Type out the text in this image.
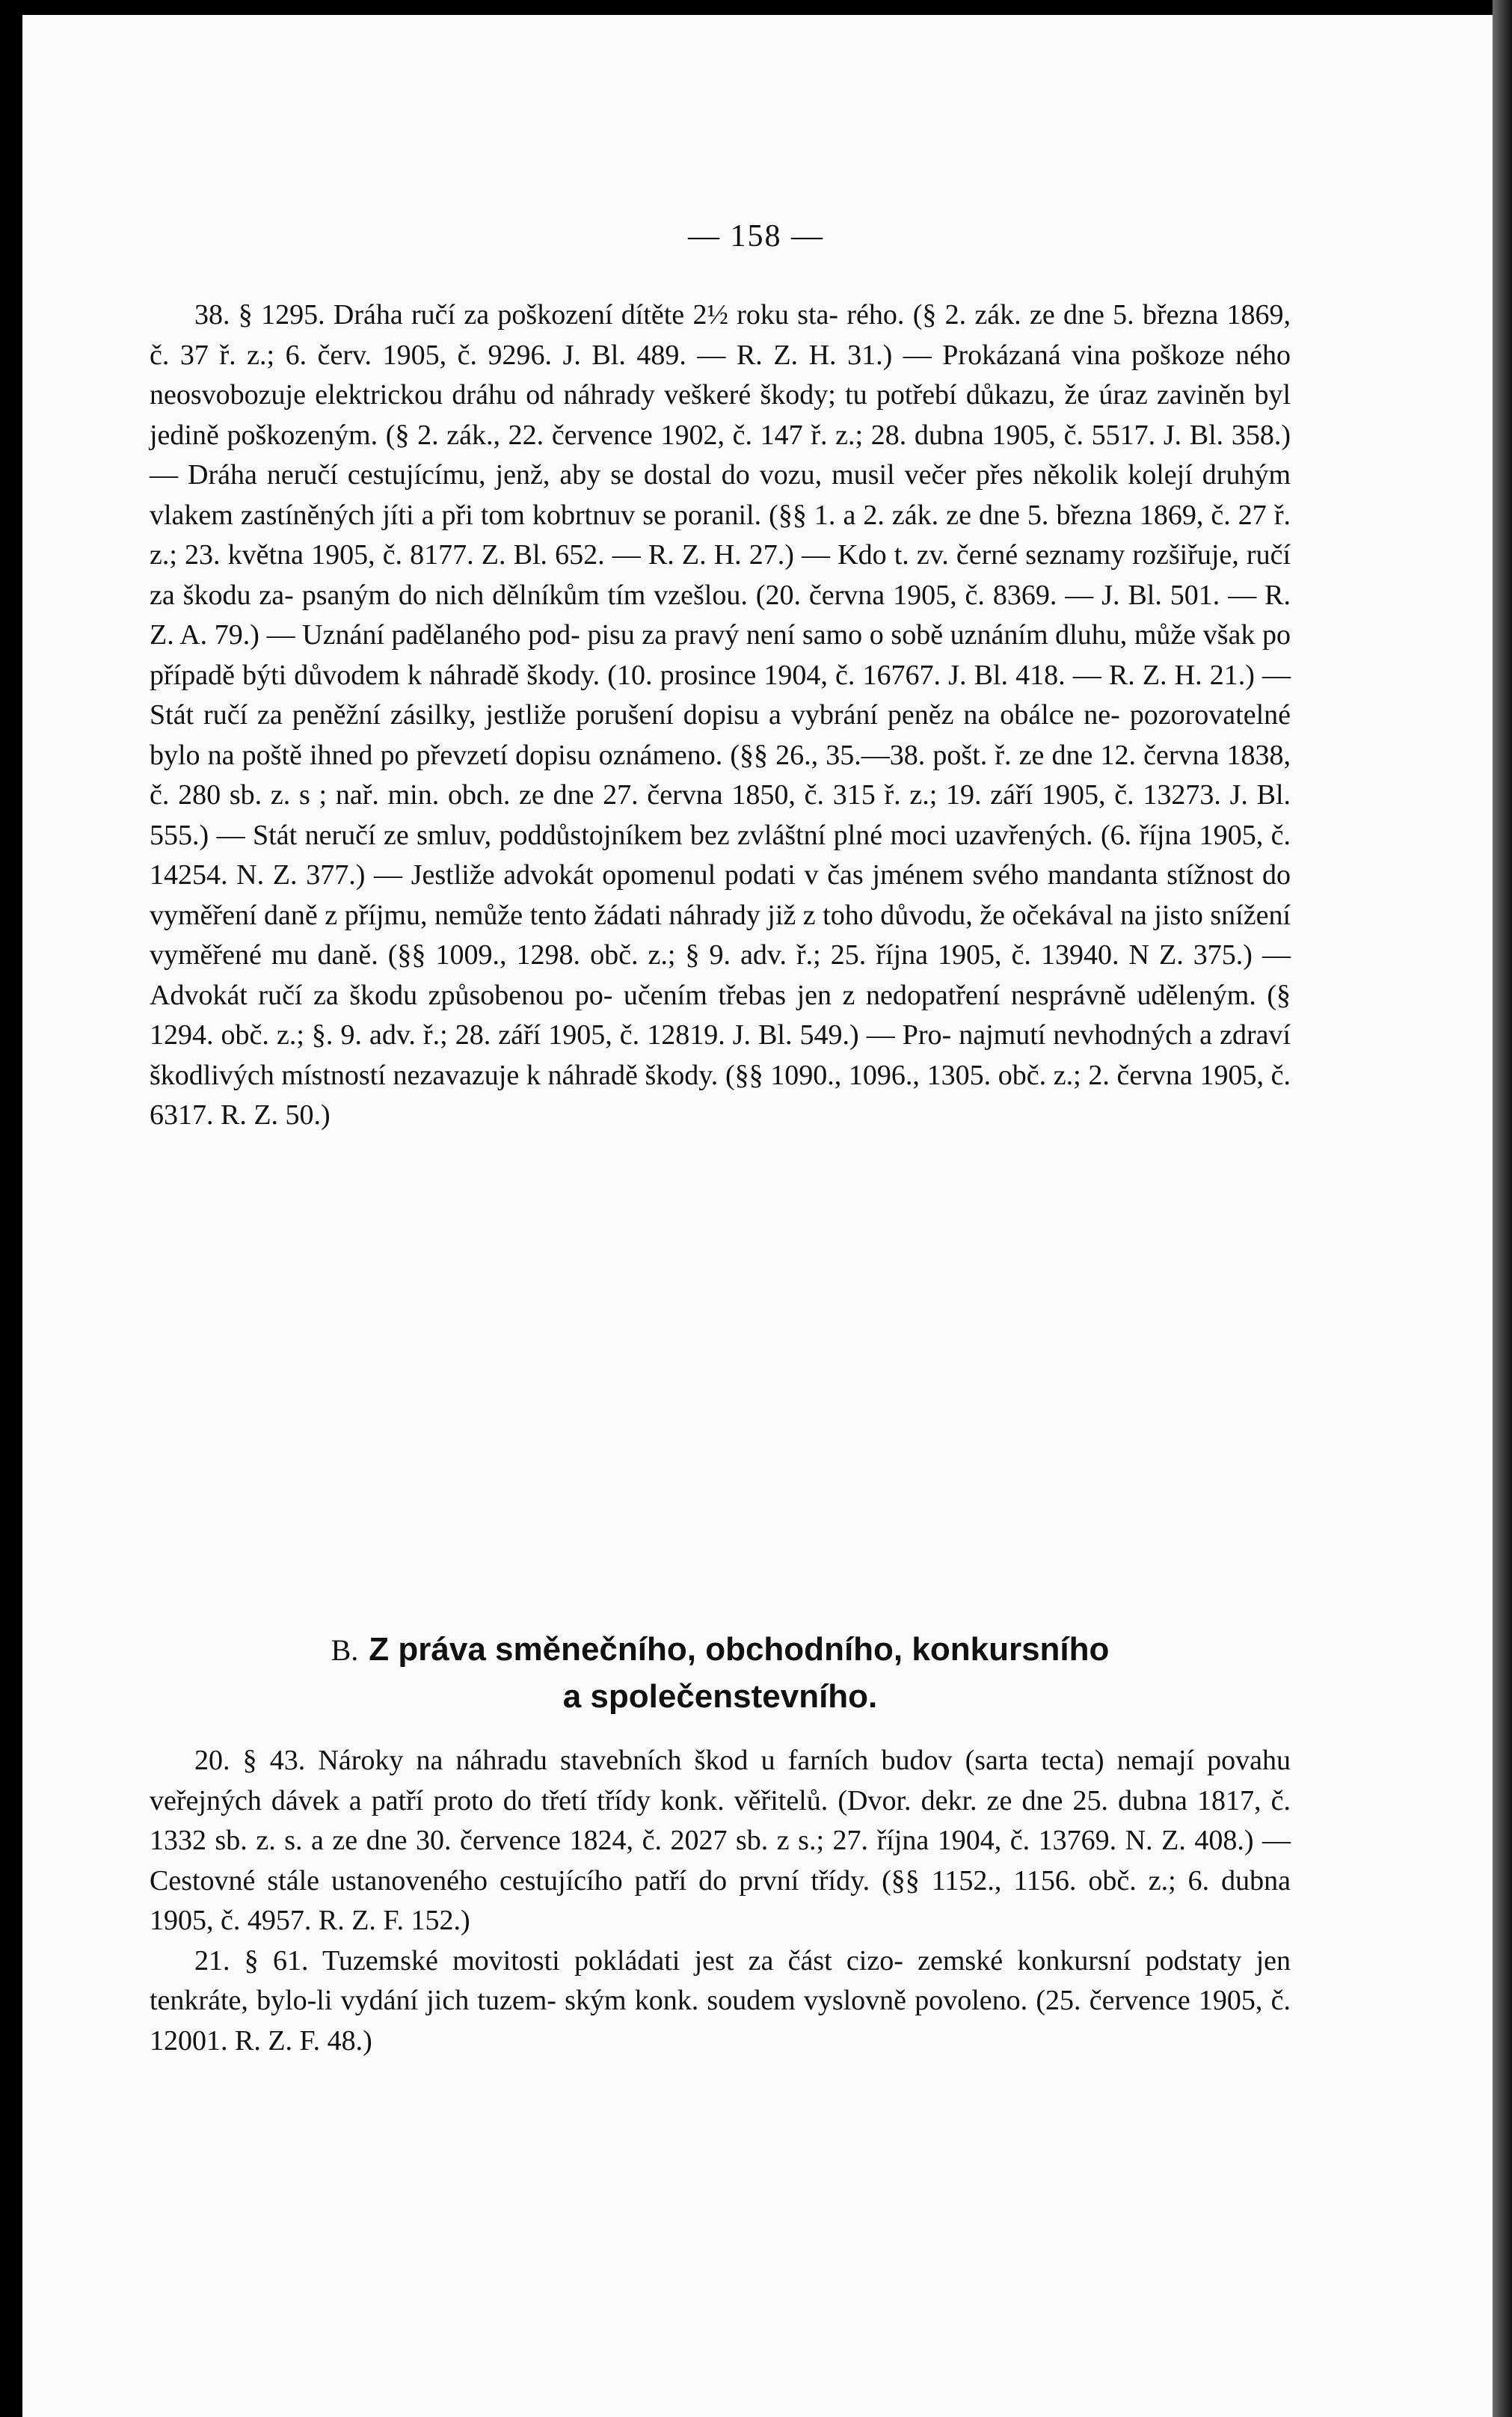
— 158 —

38. § 1295. Dráha ručí za poškození dítěte 2½ roku sta- rého. (§ 2. zák. ze dne 5. března 1869, č. 37 ř. z.; 6. červ. 1905, č. 9296. J. Bl. 489. — R. Z. H. 31.) — Prokázaná vina poškoze ného neosvobozuje elektrickou dráhu od náhrady veškeré škody; tu potřebí důkazu, že úraz zaviněn byl jedině poškozeným. (§ 2. zák., 22. července 1902, č. 147 ř. z.; 28. dubna 1905, č. 5517. J. Bl. 358.) — Dráha neručí cestujícímu, jenž, aby se dostal do vozu, musil večer přes několik kolejí druhým vlakem zastíněných jíti a při tom kobrtnuv se poranil. (§§ 1. a 2. zák. ze dne 5. března 1869, č. 27 ř. z.; 23. května 1905, č. 8177. Z. Bl. 652. — R. Z. H. 27.) — Kdo t. zv. černé seznamy rozšiřuje, ručí za škodu za- psaným do nich dělníkům tím vzešlou. (20. června 1905, č. 8369. — J. Bl. 501. — R. Z. A. 79.) — Uznání padělaného pod- pisu za pravý není samo o sobě uznáním dluhu, může však po případě býti důvodem k náhradě škody. (10. prosince 1904, č. 16767. J. Bl. 418. — R. Z. H. 21.) — Stát ručí za peněžní zásilky, jestliže porušení dopisu a vybrání peněz na obálce ne- pozorovatelné bylo na poště ihned po převzetí dopisu oznámeno. (§§ 26., 35.—38. pošt. ř. ze dne 12. června 1838, č. 280 sb. z. s ; nař. min. obch. ze dne 27. června 1850, č. 315 ř. z.; 19. září 1905, č. 13273. J. Bl. 555.) — Stát neručí ze smluv, poddůstojníkem bez zvláštní plné moci uzavřených. (6. října 1905, č. 14254. N. Z. 377.) — Jestliže advokát opomenul podati v čas jménem svého mandanta stížnost do vyměření daně z příjmu, nemůže tento žádati náhrady již z toho důvodu, že očekával na jisto snížení vyměřené mu daně. (§§ 1009., 1298. obč. z.; § 9. adv. ř.; 25. října 1905, č. 13940. N Z. 375.) — Advokát ručí za škodu způsobenou po- učením třebas jen z nedopatření nesprávně uděleným. (§ 1294. obč. z.; §. 9. adv. ř.; 28. září 1905, č. 12819. J. Bl. 549.) — Pro- najmutí nevhodných a zdraví škodlivých místností nezavazuje k náhradě škody. (§§ 1090., 1096., 1305. obč. z.; 2. června 1905, č. 6317. R. Z. 50.)

B. Z práva směnečního, obchodního, konkursního
a společenstevního.

20. § 43. Nároky na náhradu stavebních škod u farních budov (sarta tecta) nemají povahu veřejných dávek a patří proto do třetí třídy konk. věřitelů. (Dvor. dekr. ze dne 25. dubna 1817, č. 1332 sb. z. s. a ze dne 30. července 1824, č. 2027 sb. z s.; 27. října 1904, č. 13769. N. Z. 408.) — Cestovné stále ustanoveného cestujícího patří do první třídy. (§§ 1152., 1156. obč. z.; 6. dubna 1905, č. 4957. R. Z. F. 152.)

21. § 61. Tuzemské movitosti pokládati jest za část cizo- zemské konkursní podstaty jen tenkráte, bylo-li vydání jich tuzem- ským konk. soudem vyslovně povoleno. (25. července 1905, č. 12001. R. Z. F. 48.)
